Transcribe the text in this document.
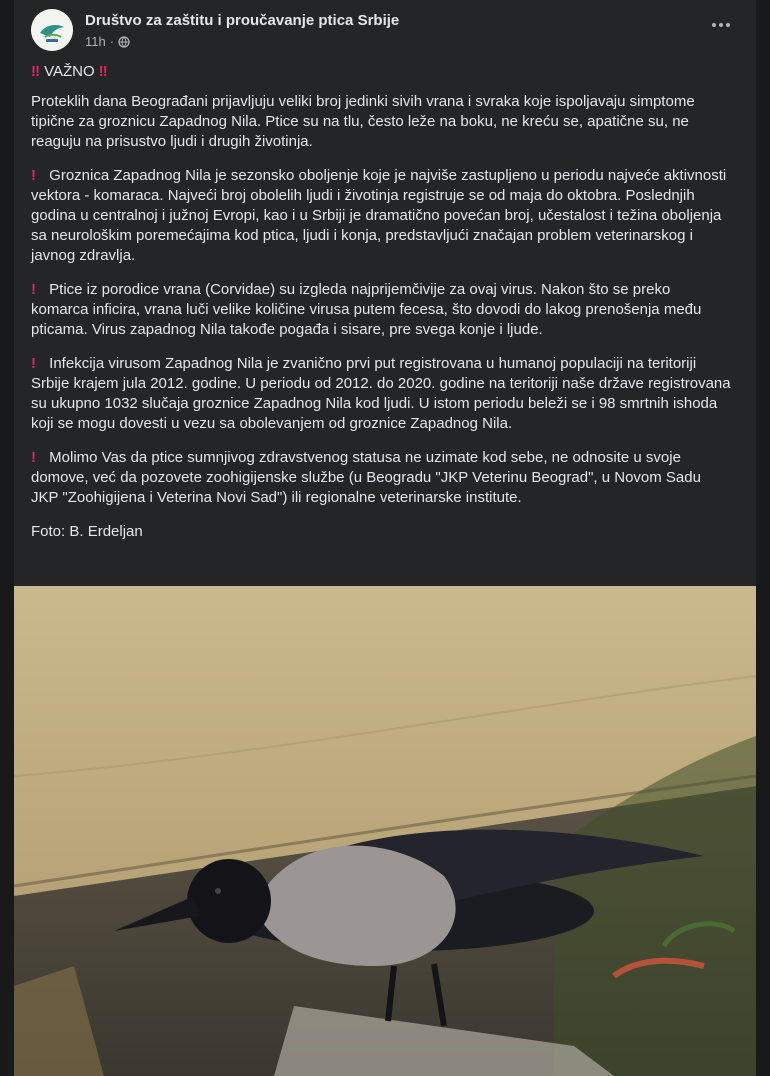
Društvo za zaštitu i proučavanje ptica Srbije
11h ·
‼ VAŽNO ‼

Proteklih dana Beograđani prijavljuju veliki broj jedinki sivih vrana i svraka koje ispoljavaju simptome tipične za groznicu Zapadnog Nila. Ptice su na tlu, često leže na boku, ne kreću se, apatične su, ne reaguju na prisustvo ljudi i drugih životinja.

! Groznica Zapadnog Nila je sezonsko oboljenje koje je najviše zastupljeno u periodu najveće aktivnosti vektora - komaraca. Najveći broj obolelih ljudi i životinja registruje se od maja do oktobra. Poslednjih godina u centralnoj i južnoj Evropi, kao i u Srbiji je dramatično povećan broj, učestalost i težina oboljenja sa neurološkim poremećajima kod ptica, ljudi i konja, predstavljući značajan problem veterinarskog i javnog zdravlja.

! Ptice iz porodice vrana (Corvidae) su izgleda najprijemčivije za ovaj virus. Nakon što se preko komarca inficira, vrana luči velike količine virusa putem fecesa, što dovodi do lakog prenošenja među pticama. Virus zapadnog Nila takođe pogađa i sisare, pre svega konje i ljude.

! Infekcija virusom Zapadnog Nila je zvanično prvi put registrovana u humanoj populaciji na teritoriji Srbije krajem jula 2012. godine. U periodu od 2012. do 2020. godine na teritoriji naše države registrovana su ukupno 1032 slučaja groznice Zapadnog Nila kod ljudi. U istom periodu beleži se i 98 smrtnih ishoda koji se mogu dovesti u vezu sa obolevanjem od groznice Zapadnog Nila.

! Molimo Vas da ptice sumnjivog zdravstvenog statusa ne uzimate kod sebe, ne odnosite u svoje domove, već da pozovete zoohigijenske službe (u Beogradu "JKP Veterinu Beograd", u Novom Sadu JKP "Zoohigijena i Veterina Novi Sad") ili regionalne veterinarske institute.

Foto: B. Erdeljan
